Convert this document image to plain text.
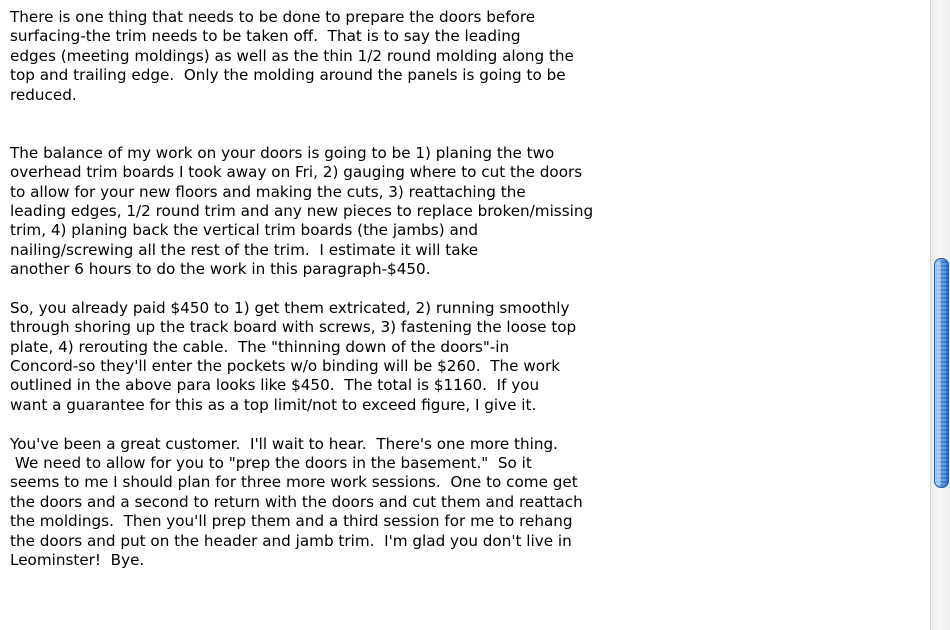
There is one thing that needs to be done to prepare the doors before
surfacing-the trim needs to be taken off.  That is to say the leading
edges (meeting moldings) as well as the thin 1/2 round molding along the
top and trailing edge.  Only the molding around the panels is going to be
reduced.
The balance of my work on your doors is going to be 1) planing the two
overhead trim boards I took away on Fri, 2) gauging where to cut the doors
to allow for your new floors and making the cuts, 3) reattaching the
leading edges, 1/2 round trim and any new pieces to replace broken/missing
trim, 4) planing back the vertical trim boards (the jambs) and
nailing/screwing all the rest of the trim.  I estimate it will take
another 6 hours to do the work in this paragraph-$450.
So, you already paid $450 to 1) get them extricated, 2) running smoothly
through shoring up the track board with screws, 3) fastening the loose top
plate, 4) rerouting the cable.  The "thinning down of the doors"-in
Concord-so they'll enter the pockets w/o binding will be $260.  The work
outlined in the above para looks like $450.  The total is $1160.  If you
want a guarantee for this as a top limit/not to exceed figure, I give it.
You've been a great customer.  I'll wait to hear.  There's one more thing.
We need to allow for you to "prep the doors in the basement."  So it
seems to me I should plan for three more work sessions.  One to come get
the doors and a second to return with the doors and cut them and reattach
the moldings.  Then you'll prep them and a third session for me to rehang
the doors and put on the header and jamb trim.  I'm glad you don't live in
Leominster!  Bye.
